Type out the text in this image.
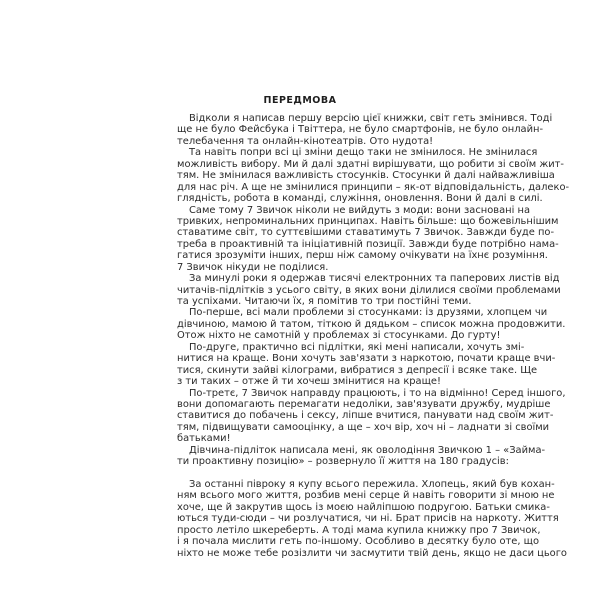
ПЕРЕДМОВА
Відколи я написав першу версію цієї книжки, світ геть змінився. Тоді
ще не було Фейсбука і Твіттера, не було смартфонів, не було онлайн-
телебачення та онлайн-кінотеатрів. Ото нудота!
Та навіть попри всі ці зміни дещо таки не змінилося. Не змінилася
можливість вибору. Ми й далі здатні вирішувати, що робити зі своїм жит-
тям. Не змінилася важливість стосунків. Стосунки й далі найважливіша
для нас річ. А ще не змінилися принципи – як-от відповідальність, далеко-
глядність, робота в команді, служіння, оновлення. Вони й далі в силі.
Саме тому 7 Звичок ніколи не вийдуть з моди: вони засновані на
тривких, непроминальних принципах. Навіть більше: що божевільнішим
ставатиме світ, то суттєвішими ставатимуть 7 Звичок. Завжди буде по-
треба в проактивній та ініціативній позиції. Завжди буде потрібно нама-
гатися зрозуміти інших, перш ніж самому очікувати на їхнє розуміння.
7 Звичок нікуди не поділися.
За минулі роки я одержав тисячі електронних та паперових листів від
читачів-підлітків з усього світу, в яких вони ділилися своїми проблемами
та успіхами. Читаючи їх, я помітив то три постійні теми.
По-перше, всі мали проблеми зі стосунками: із друзями, хлопцем чи
дівчиною, мамою й татом, тіткою й дядьком – список можна продовжити.
Отож ніхто не самотній у проблемах зі стосунками. До гурту!
По-друге, практично всі підлітки, які мені написали, хочуть змі-
нитися на краще. Вони хочуть зав'язати з наркотою, почати краще вчи-
тися, скинути зайві кілограми, вибратися з депресії і всяке таке. Ще
з ти таких – отже й ти хочеш змінитися на краще!
По-третє, 7 Звичок направду працюють, і то на відмінно! Серед іншого,
вони допомагають перемагати недоліки, зав'язувати дружбу, мудріше
ставитися до побачень і сексу, ліпше вчитися, панувати над своїм жит-
тям, підвищувати самооцінку, а ще – хоч вір, хоч ні – ладнати зі своїми
батьками!
Дівчина-підліток написала мені, як оволодіння Звичкою 1 – «Займа-
ти проактивну позицію» – розвернуло її життя на 180 градусів:
За останні півроку я купу всього пережила. Хлопець, який був кохан-
ням всього мого життя, розбив мені серце й навіть говорити зі мною не
хоче, ще й закрутив щось із моєю найліпшою подругою. Батьки смика-
ються туди-сюди – чи розлучатися, чи ні. Брат присів на наркоту. Життя
просто летіло шкереберть. А тоді мама купила книжку про 7 Звичок,
і я почала мислити геть по-іншому. Особливо в десятку було оте, що
ніхто не може тебе розізлити чи засмутити твій день, якщо не даси цього
